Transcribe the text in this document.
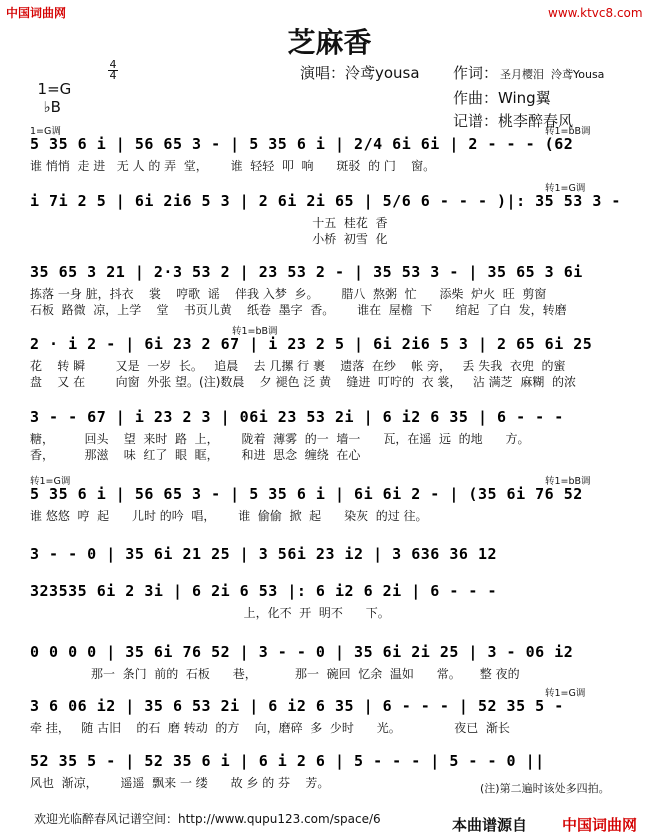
中国词曲网	www.ktvc8.com
芝麻香

1=G
♭B

$\frac{4}{4}$	演唱：泠鸢yousa 作词： 圣月樱泪  泠鸢Yousa
作曲：Wing翼
记谱：桃李醉春风
1=G调	转1=bB调
5 35 6 i | 56 65 3 - | 5 35 6 i | 2/4 6i 6i | 2 - - - (62
谁 悄悄  走 进   无 人 的 弄  堂，      谁  轻轻  叩  响      斑驳  的 门    窗。
转1=G调
i 7i 2 5 | 6i 2i6 5 3 | 2 6i 2i 65 | 5/6 6 - - - )|: 35 53 3 -
十五  桂花  香
小桥  初雪  化
35 65 3 21 | 2·3 53 2 | 23 53 2 - | 35 53 3 - | 35 65 3 6i
拣落 一身 脏，抖衣    裳    哼歌  谣    伴我 入梦  乡。      腊八  熬粥  忙      添柴  炉火  旺  剪窗
石板  路微  凉，上学    堂    书页儿黄    纸卷  墨字  香。      谁在  屋檐  下      绾起  了白  发，转磨
转1=bB调
2 · i 2 - | 6i 23 2 67 | i 23 2 5 | 6i 2i6 5 3 | 2 65 6i 25
花    转 瞬        又是  一岁  长。   追晨    去 几摞 行 裹    遗落  在纱    帐 旁，   丢 失我  衣兜  的蜜
盘    又 在        向窗  外张 望。(注)数晨    夕 褪色 泛 黄    缝进  叮咛的  衣 裳，   沾 满芝  麻糊  的浓
3 - - 67 | i 23 2 3 | 06i 23 53 2i | 6 i2 6 35 | 6 - - -
糖，        回头    望  来时  路  上，      陇着  薄雾  的一  墙一      瓦，在遥  远  的地      方。
香，        那滋    味  红了  眼  眶，      和进  思念  缠绕  在心
转1=G调	转1=bB调
5 35 6 i | 56 65 3 - | 5 35 6 i | 6i 6i 2 - | (35 6i 76 52
谁 悠悠  哼  起      儿时 的吟  唱，      谁  偷偷  掀  起      染灰  的过 往。
3 - - 0 | 35 6i 21 25 | 3 56i 23 i2 | 3 636 36 12
323535 6i 2 3i | 6 2i 6 53 |: 6 i2 6 2i | 6 - - -
上，化不  开  明不      下。
0 0 0 0 | 35 6i 76 52 | 3 - - 0 | 35 6i 2i 25 | 3 - 06 i2
那一  条门  前的  石板      巷，          那一  碗回  忆余  温如      常。     整 夜的
转1=G调
3 6 06 i2 | 35 6 53 2i | 6 i2 6 35 | 6 - - - | 52 35 5 -
牵 挂，   随 古旧    的石  磨 转动  的方    向，磨碎  多  少时      光。              夜已  渐长
52 35 5 - | 52 35 6 i | 6 i 2 6 | 5 - - - | 5 - - 0 ||
风也  渐凉，      遥遥  飘来 一 缕      故 乡 的 芬    芳。	(注)第二遍时该处多四拍。
欢迎光临醉春风记谱空间：http://www.qupu123.com/space/6	本曲谱源自 中国词曲网
